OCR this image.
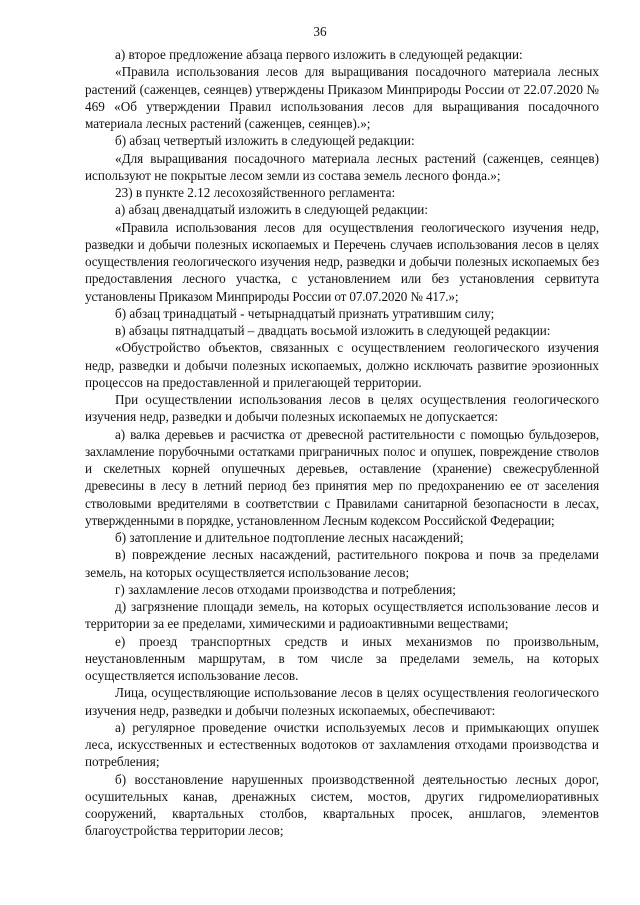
36

а) второе предложение абзаца первого изложить в следующей редакции:

«Правила использования лесов для выращивания посадочного материала лесных растений (саженцев, сеянцев) утверждены Приказом Минприроды России от 22.07.2020 № 469 «Об утверждении Правил использования лесов для выращивания посадочного материала лесных растений (саженцев, сеянцев).»;

б) абзац четвертый изложить в следующей редакции:

«Для выращивания посадочного материала лесных растений (саженцев, сеянцев) используют не покрытые лесом земли из состава земель лесного фонда.»;

23) в пункте 2.12 лесохозяйственного регламента:

а) абзац двенадцатый изложить в следующей редакции:

«Правила использования лесов для осуществления геологического изучения недр, разведки и добычи полезных ископаемых и Перечень случаев использования лесов в целях осуществления геологического изучения недр, разведки и добычи полезных ископаемых без предоставления лесного участка, с установлением или без установления сервитута установлены Приказом Минприроды России от 07.07.2020 № 417.»;

б) абзац тринадцатый - четырнадцатый признать утратившим силу;

в) абзацы пятнадцатый – двадцать восьмой изложить в следующей редакции:

«Обустройство объектов, связанных с осуществлением геологического изучения недр, разведки и добычи полезных ископаемых, должно исключать развитие эрозионных процессов на предоставленной и прилегающей территории.

При осуществлении использования лесов в целях осуществления геологического изучения недр, разведки и добычи полезных ископаемых не допускается:

а) валка деревьев и расчистка от древесной растительности с помощью бульдозеров, захламление порубочными остатками приграничных полос и опушек, повреждение стволов и скелетных корней опушечных деревьев, оставление (хранение) свежесрубленной древесины в лесу в летний период без принятия мер по предохранению ее от заселения стволовыми вредителями в соответствии с Правилами санитарной безопасности в лесах, утвержденными в порядке, установленном Лесным кодексом Российской Федерации;

б) затопление и длительное подтопление лесных насаждений;

в) повреждение лесных насаждений, растительного покрова и почв за пределами земель, на которых осуществляется использование лесов;

г) захламление лесов отходами производства и потребления;

д) загрязнение площади земель, на которых осуществляется использование лесов и территории за ее пределами, химическими и радиоактивными веществами;

е) проезд транспортных средств и иных механизмов по произвольным, неустановленным маршрутам, в том числе за пределами земель, на которых осуществляется использование лесов.

Лица, осуществляющие использование лесов в целях осуществления геологического изучения недр, разведки и добычи полезных ископаемых, обеспечивают:

а) регулярное проведение очистки используемых лесов и примыкающих опушек леса, искусственных и естественных водотоков от захламления отходами производства и потребления;

б) восстановление нарушенных производственной деятельностью лесных дорог, осушительных канав, дренажных систем, мостов, других гидромелиоративных сооружений, квартальных столбов, квартальных просек, аншлагов, элементов благоустройства территории лесов;
